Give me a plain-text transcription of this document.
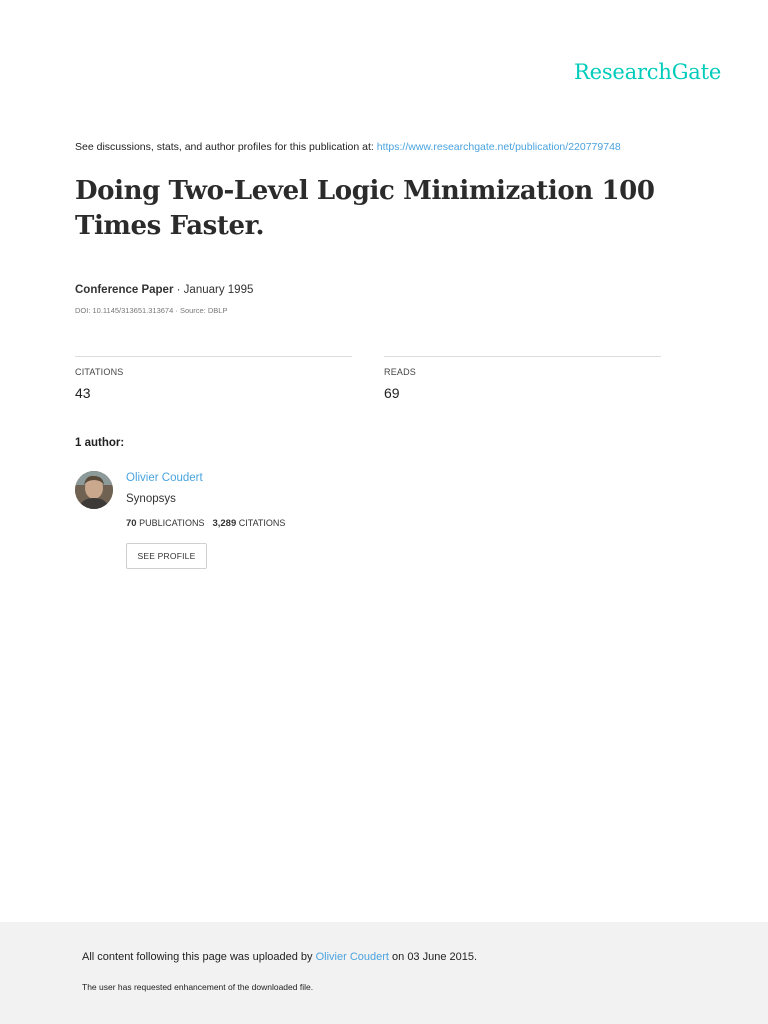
ResearchGate
See discussions, stats, and author profiles for this publication at: https://www.researchgate.net/publication/220779748
Doing Two-Level Logic Minimization 100 Times Faster.
Conference Paper · January 1995
DOI: 10.1145/313651.313674 · Source: DBLP
CITATIONS
43
READS
69
1 author:
Olivier Coudert
Synopsys
70 PUBLICATIONS 3,289 CITATIONS
SEE PROFILE
All content following this page was uploaded by Olivier Coudert on 03 June 2015.
The user has requested enhancement of the downloaded file.
